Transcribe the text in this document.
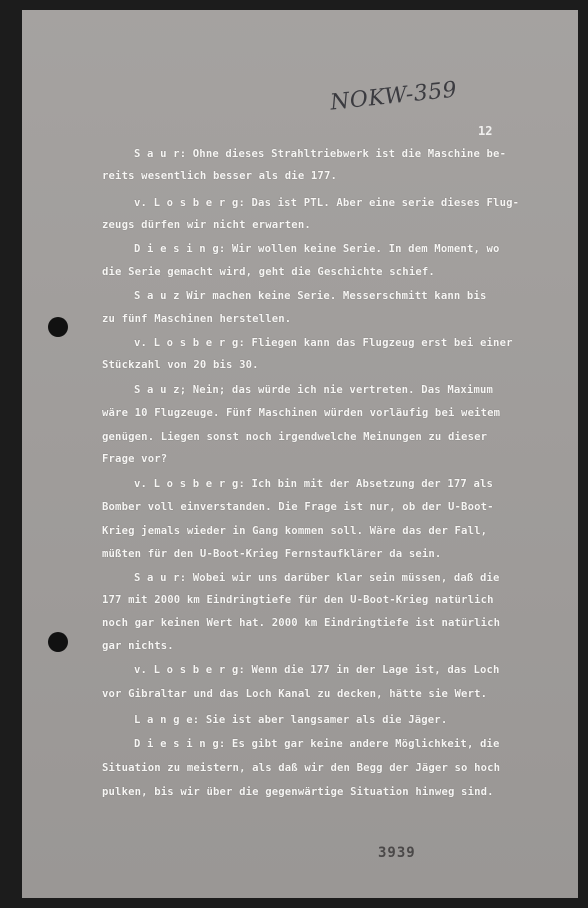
NOKW-359
12
S a u r: Ohne dieses Strahltriebwerk ist die Maschine be-
reits wesentlich besser als die 177.
v. L o s b e r g: Das ist PTL. Aber eine serie dieses Flug-
zeugs dürfen wir nicht erwarten.
D i e s i n g: Wir wollen keine Serie. In dem Moment, wo
die Serie gemacht wird, geht die Geschichte schief.
S a u z Wir machen keine Serie. Messerschmitt kann bis
zu fünf Maschinen herstellen.
v. L o s b e r g: Fliegen kann das Flugzeug erst bei einer
Stückzahl von 20 bis 30.
S a u z; Nein; das würde ich nie vertreten. Das Maximum
wäre 10 Flugzeuge. Fünf Maschinen würden vorläufig bei weitem
genügen. Liegen sonst noch irgendwelche Meinungen zu dieser
Frage vor?
v. L o s b e r g: Ich bin mit der Absetzung der 177 als
Bomber voll einverstanden. Die Frage ist nur, ob der U-Boot-
Krieg jemals wieder in Gang kommen soll. Wäre das der Fall,
müßten für den U-Boot-Krieg Fernstaufklärer da sein.
S a u r: Wobei wir uns darüber klar sein müssen, daß die
177 mit 2000 km Eindringtiefe für den U-Boot-Krieg natürlich
noch gar keinen Wert hat. 2000 km Eindringtiefe ist natürlich
gar nichts.
v. L o s b e r g: Wenn die 177 in der Lage ist, das Loch
vor Gibraltar und das Loch Kanal zu decken, hätte sie Wert.
L a n g e: Sie ist aber langsamer als die Jäger.
D i e s i n g: Es gibt gar keine andere Möglichkeit, die
Situation zu meistern, als daß wir den Begg der Jäger so hoch
pulken, bis wir über die gegenwärtige Situation hinweg sind.
3939
